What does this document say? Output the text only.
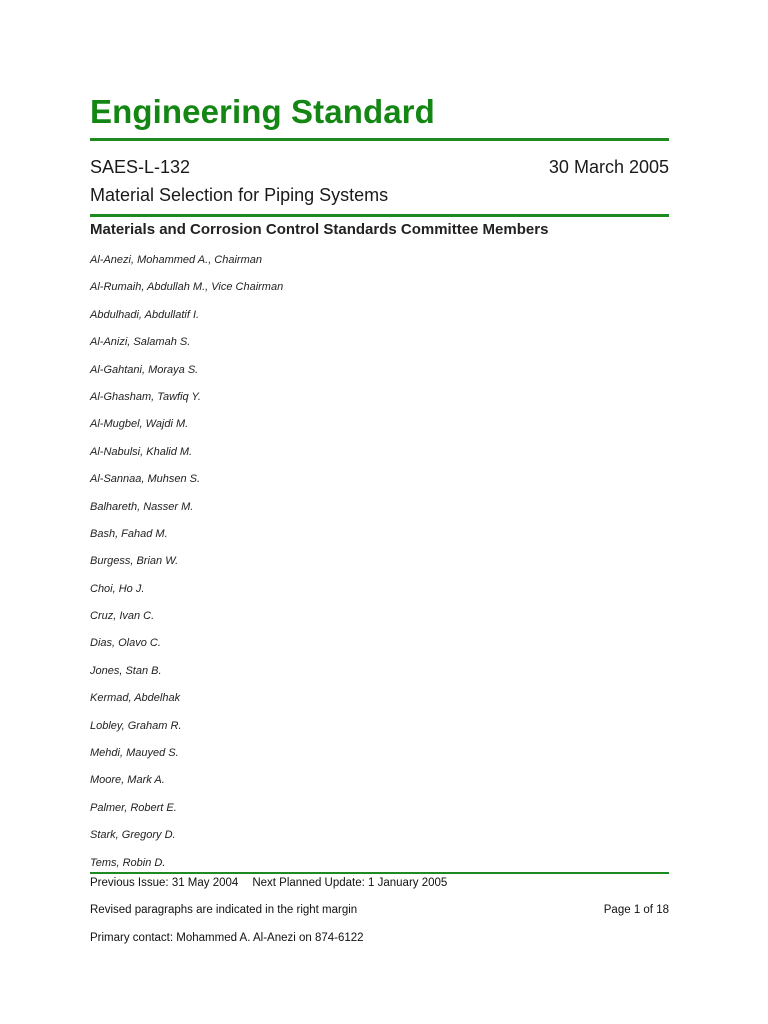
Engineering Standard
SAES-L-132	30 March 2005
Material Selection for Piping Systems
Materials and Corrosion Control Standards Committee Members
Al-Anezi, Mohammed A., Chairman
Al-Rumaih, Abdullah M., Vice Chairman
Abdulhadi, Abdullatif I.
Al-Anizi, Salamah S.
Al-Gahtani, Moraya S.
Al-Ghasham, Tawfiq Y.
Al-Mugbel, Wajdi M.
Al-Nabulsi, Khalid M.
Al-Sannaa, Muhsen S.
Balhareth, Nasser M.
Bash, Fahad M.
Burgess, Brian W.
Choi, Ho J.
Cruz, Ivan C.
Dias, Olavo C.
Jones, Stan B.
Kermad, Abdelhak
Lobley, Graham R.
Mehdi, Mauyed S.
Moore, Mark A.
Palmer, Robert E.
Stark, Gregory D.
Tems, Robin D.
Previous Issue: 31 May 2004 Next Planned Update: 1 January 2005
Revised paragraphs are indicated in the right margin	Page 1 of 18
Primary contact: Mohammed A. Al-Anezi on 874-6122
